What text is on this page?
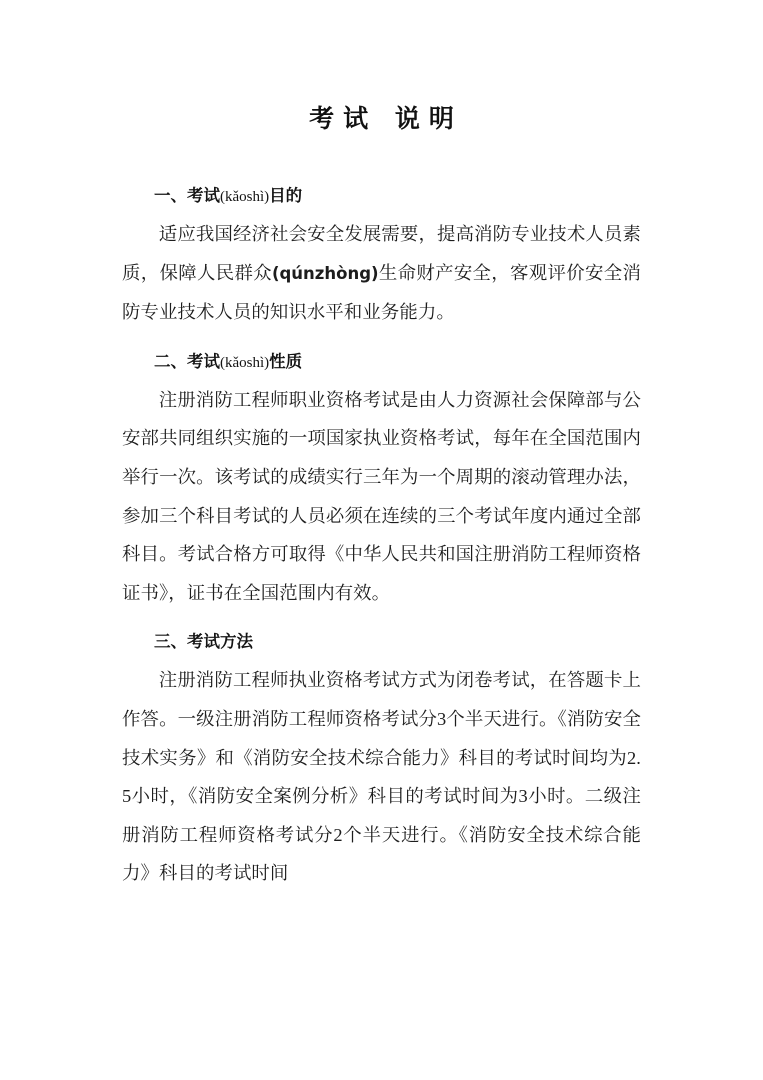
考试 说明
一、考试(kǎoshì)目的

适应我国经济社会安全发展需要，提高消防专业技术人员素质，保障人民群众(qúnzhòng)生命财产安全，客观评价安全消防专业技术人员的知识水平和业务能力。

二、考试(kǎoshì)性质

注册消防工程师职业资格考试是由人力资源社会保障部与公安部共同组织实施的一项国家执业资格考试，每年在全国范围内举行一次。该考试的成绩实行三年为一个周期的滚动管理办法，参加三个科目考试的人员必须在连续的三个考试年度内通过全部科目。考试合格方可取得《中华人民共和国注册消防工程师资格证书》，证书在全国范围内有效。

三、考试方法

注册消防工程师执业资格考试方式为闭卷考试，在答题卡上作答。一级注册消防工程师资格考试分3个半天进行。《消防安全技术实务》和《消防安全技术综合能力》科目的考试时间均为2.5小时，《消防安全案例分析》科目的考试时间为3小时。二级注册消防工程师资格考试分2个半天进行。《消防安全技术综合能力》科目的考试时间
